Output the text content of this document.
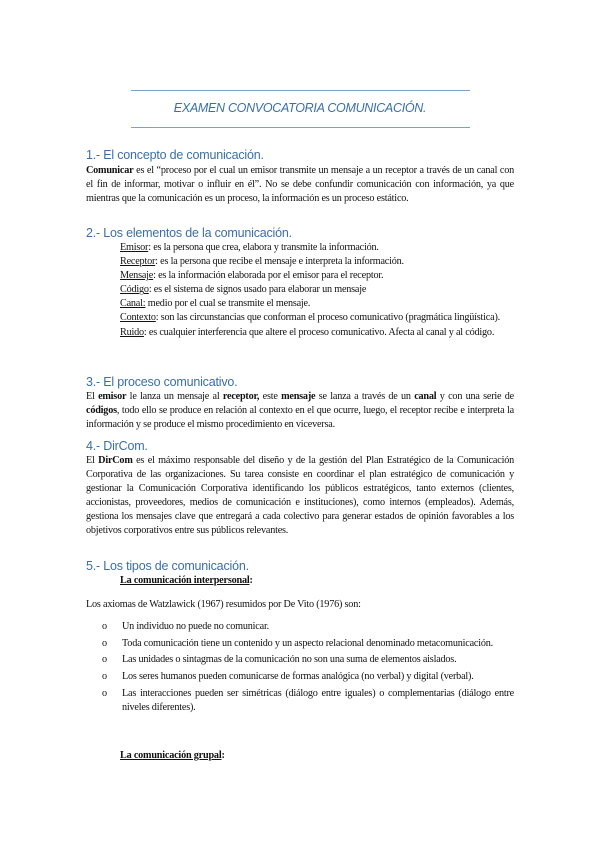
EXAMEN CONVOCATORIA COMUNICACIÓN.
1.- El concepto de comunicación.
Comunicar es el “proceso por el cual un emisor transmite un mensaje a un receptor a través de un canal con el fin de informar, motivar o influir en él”. No se debe confundir comunicación con información, ya que mientras que la comunicación es un proceso, la información es un proceso estático.
2.- Los elementos de la comunicación.
Emisor: es la persona que crea, elabora y transmite la información.
Receptor: es la persona que recibe el mensaje e interpreta la información.
Mensaje: es la información elaborada por el emisor para el receptor.
Código: es el sistema de signos usado para elaborar un mensaje
Canal: medio por el cual se transmite el mensaje.
Contexto: son las circunstancias que conforman el proceso comunicativo (pragmática lingüística).
Ruido: es cualquier interferencia que altere el proceso comunicativo. Afecta al canal y al código.
3.- El proceso comunicativo.
El emisor le lanza un mensaje al receptor, este mensaje se lanza a través de un canal y con una serie de códigos, todo ello se produce en relación al contexto en el que ocurre, luego, el receptor recibe e interpreta la información y se produce el mismo procedimiento en viceversa.
4.- DirCom.
El DirCom es el máximo responsable del diseño y de la gestión del Plan Estratégico de la Comunicación Corporativa de las organizaciones. Su tarea consiste en coordinar el plan estratégico de comunicación y gestionar la Comunicación Corporativa identificando los públicos estratégicos, tanto externos (clientes, accionistas, proveedores, medios de comunicación e instituciones), como internos (empleados). Además, gestiona los mensajes clave que entregará a cada colectivo para generar estados de opinión favorables a los objetivos corporativos entre sus públicos relevantes.
5.- Los tipos de comunicación.
La comunicación interpersonal:
Los axiomas de Watzlawick (1967) resumidos por De Vito (1976) son:
o	Un individuo no puede no comunicar.
o	Toda comunicación tiene un contenido y un aspecto relacional denominado metacomunicación.
o	Las unidades o sintagmas de la comunicación no son una suma de elementos aislados.
o	Los seres humanos pueden comunicarse de formas analógica (no verbal) y digital (verbal).
o	Las interacciones pueden ser simétricas (diálogo entre iguales) o complementarias (diálogo entre niveles diferentes).
La comunicación grupal:
